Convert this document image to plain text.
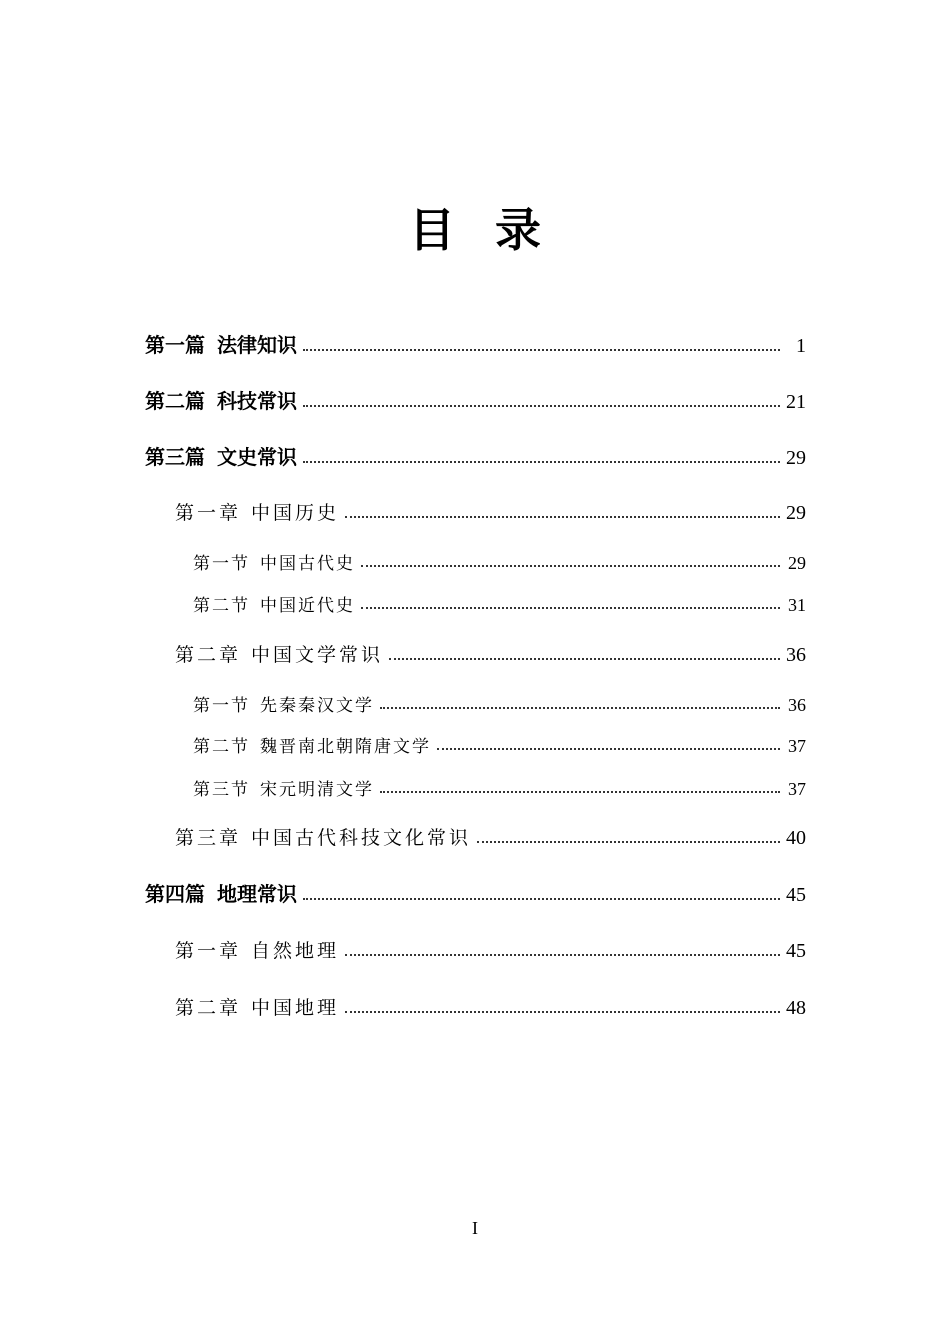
目录
第一篇 法律知识	1
第二篇 科技常识	21
第三篇 文史常识	29
第一章 中国历史	29
第一节 中国古代史	29
第二节 中国近代史	31
第二章 中国文学常识	36
第一节 先秦秦汉文学	36
第二节 魏晋南北朝隋唐文学	37
第三节 宋元明清文学	37
第三章 中国古代科技文化常识	40
第四篇 地理常识	45
第一章 自然地理	45
第二章 中国地理	48
I
